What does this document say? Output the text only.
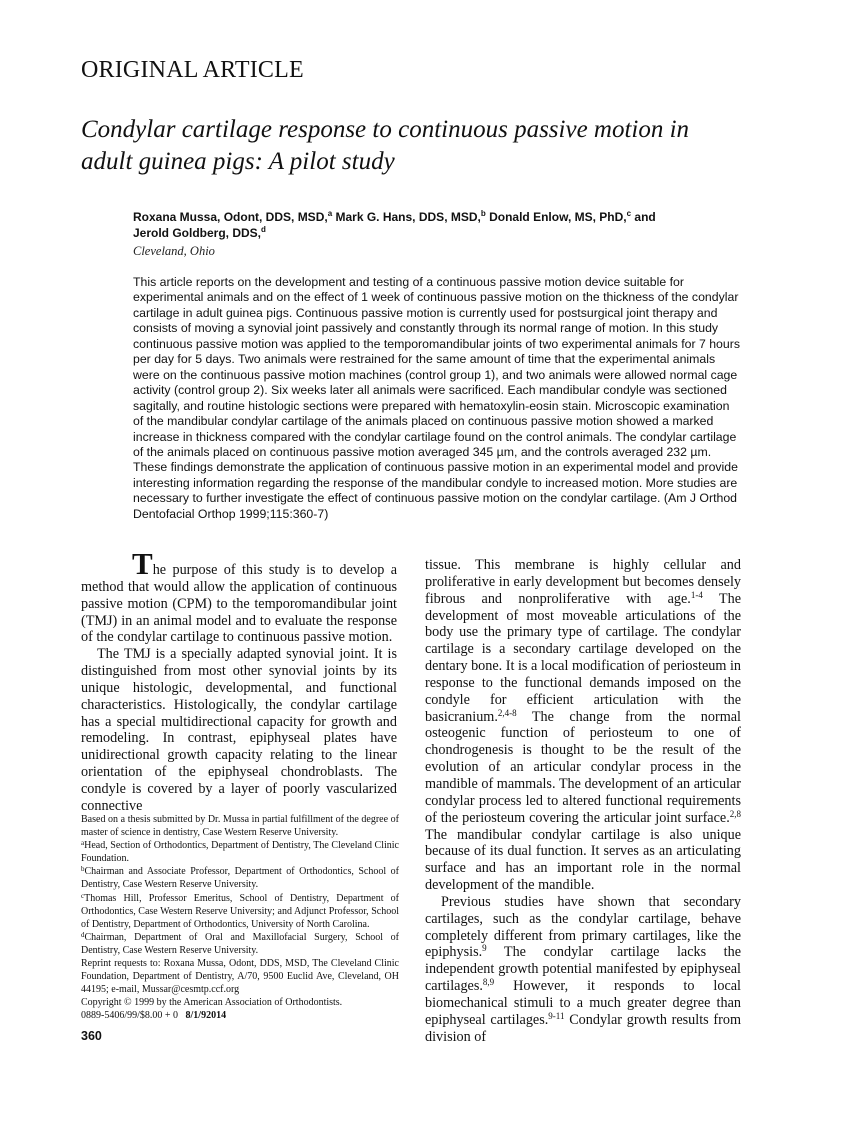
ORIGINAL ARTICLE
Condylar cartilage response to continuous passive motion in
adult guinea pigs: A pilot study
Roxana Mussa, Odont, DDS, MSD,$^a$ Mark G. Hans, DDS, MSD,$^b$ Donald Enlow, MS, PhD,$^c$ and
Jerold Goldberg, DDS,$^d$
Cleveland, Ohio
This article reports on the development and testing of a continuous passive motion device suitable for experimental animals and on the effect of 1 week of continuous passive motion on the thickness of the condylar cartilage in adult guinea pigs. Continuous passive motion is currently used for postsurgical joint therapy and consists of moving a synovial joint passively and constantly through its normal range of motion. In this study continuous passive motion was applied to the temporomandibular joints of two experimental animals for 7 hours per day for 5 days. Two animals were restrained for the same amount of time that the experimental animals were on the continuous passive motion machines (control group 1), and two animals were allowed normal cage activity (control group 2). Six weeks later all animals were sacrificed. Each mandibular condyle was sectioned sagitally, and routine histologic sections were prepared with hematoxylin-eosin stain. Microscopic examination of the mandibular condylar cartilage of the animals placed on continuous passive motion showed a marked increase in thickness compared with the condylar cartilage found on the control animals. The condylar cartilage of the animals placed on continuous passive motion averaged 345 µm, and the controls averaged 232 µm. These findings demonstrate the application of continuous passive motion in an experimental model and provide interesting information regarding the response of the mandibular condyle to increased motion. More studies are necessary to further investigate the effect of continuous passive motion on the condylar cartilage. (Am J Orthod Dentofacial Orthop 1999;115:360-7)

The purpose of this study is to develop a method that would allow the application of continuous passive motion (CPM) to the temporomandibular joint (TMJ) in an animal model and to evaluate the response of the condylar cartilage to continuous passive motion.

The TMJ is a specially adapted synovial joint. It is distinguished from most other synovial joints by its unique histologic, developmental, and functional characteristics. Histologically, the condylar cartilage has a special multidirectional capacity for growth and remodeling. In contrast, epiphyseal plates have unidirectional growth capacity relating to the linear orientation of the epiphyseal chondroblasts. The condyle is covered by a layer of poorly vascularized connective

tissue. This membrane is highly cellular and proliferative in early development but becomes densely fibrous and nonproliferative with age.$^{1-4}$ The development of most moveable articulations of the body use the primary type of cartilage. The condylar cartilage is a secondary cartilage developed on the dentary bone. It is a local modification of periosteum in response to the functional demands imposed on the condyle for efficient articulation with the basicranium.$^{2,4-8}$ The change from the normal osteogenic function of periosteum to one of chondrogenesis is thought to be the result of the evolution of an articular condylar process in the mandible of mammals. The development of an articular condylar process led to altered functional requirements of the periosteum covering the articular joint surface.$^{2,8}$ The mandibular condylar cartilage is also unique because of its dual function. It serves as an articulating surface and has an important role in the normal development of the mandible.

Previous studies have shown that secondary cartilages, such as the condylar cartilage, behave completely different from primary cartilages, like the epiphysis.$^9$ The condylar cartilage lacks the independent growth potential manifested by epiphyseal cartilages.$^{8,9}$ However, it responds to local biomechanical stimuli to a much greater degree than epiphyseal cartilages.$^{9-11}$ Condylar growth results from division of

Based on a thesis submitted by Dr. Mussa in partial fulfillment of the degree of master of science in dentistry, Case Western Reserve University.

$^a$Head, Section of Orthodontics, Department of Dentistry, The Cleveland Clinic Foundation.

$^b$Chairman and Associate Professor, Department of Orthodontics, School of Dentistry, Case Western Reserve University.

$^c$Thomas Hill, Professor Emeritus, School of Dentistry, Department of Orthodontics, Case Western Reserve University; and Adjunct Professor, School of Dentistry, Department of Orthodontics, University of North Carolina.

$^d$Chairman, Department of Oral and Maxillofacial Surgery, School of Dentistry, Case Western Reserve University.

Reprint requests to: Roxana Mussa, Odont, DDS, MSD, The Cleveland Clinic Foundation, Department of Dentistry, A/70, 9500 Euclid Ave, Cleveland, OH 44195; e-mail, Mussar@cesmtp.ccf.org

Copyright © 1999 by the American Association of Orthodontists.

0889-5406/99/$8.00 + 0 8/1/92014

360
